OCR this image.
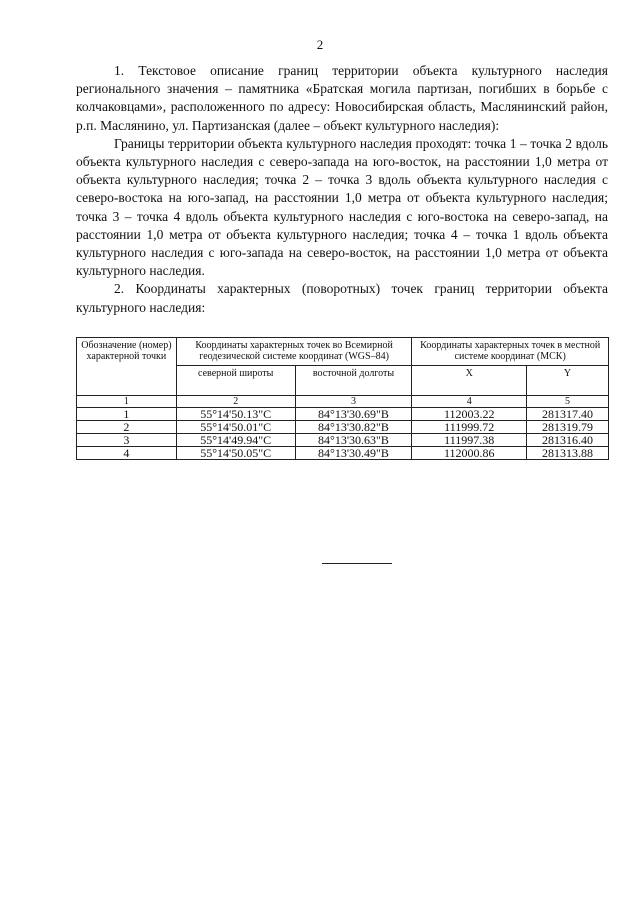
2

1. Текстовое описание границ территории объекта культурного наследия регионального значения – памятника «Братская могила партизан, погибших в борьбе с колчаковцами», расположенного по адресу: Новосибирская область, Маслянинский район, р.п. Маслянино, ул. Партизанская (далее – объект культурного наследия):

Границы территории объекта культурного наследия проходят: точка 1 – точка 2 вдоль объекта культурного наследия с северо-запада на юго-восток, на расстоянии 1,0 метра от объекта культурного наследия; точка 2 – точка 3 вдоль объекта культурного наследия с северо-востока на юго-запад, на расстоянии 1,0 метра от объекта культурного наследия; точка 3 – точка 4 вдоль объекта культурного наследия с юго-востока на северо-запад, на расстоянии 1,0 метра от объекта культурного наследия; точка 4 – точка 1 вдоль объекта культурного наследия с юго-запада на северо-восток, на расстоянии 1,0 метра от объекта культурного наследия.

2. Координаты характерных (поворотных) точек границ территории объекта культурного наследия:

Обозначение (номер) характерной точки	Координаты характерных точек во Всемирной геодезической системе координат (WGS–84)		Координаты характерных точек в местной системе координат (МСК)	
	северной широты	восточной долготы	X	Y
1	2	3	4	5
1	55°14'50.13"С	84°13'30.69"В	112003.22	281317.40
2	55°14'50.01"С	84°13'30.82"В	111999.72	281319.79
3	55°14'49.94"С	84°13'30.63"В	111997.38	281316.40
4	55°14'50.05"С	84°13'30.49"В	112000.86	281313.88
